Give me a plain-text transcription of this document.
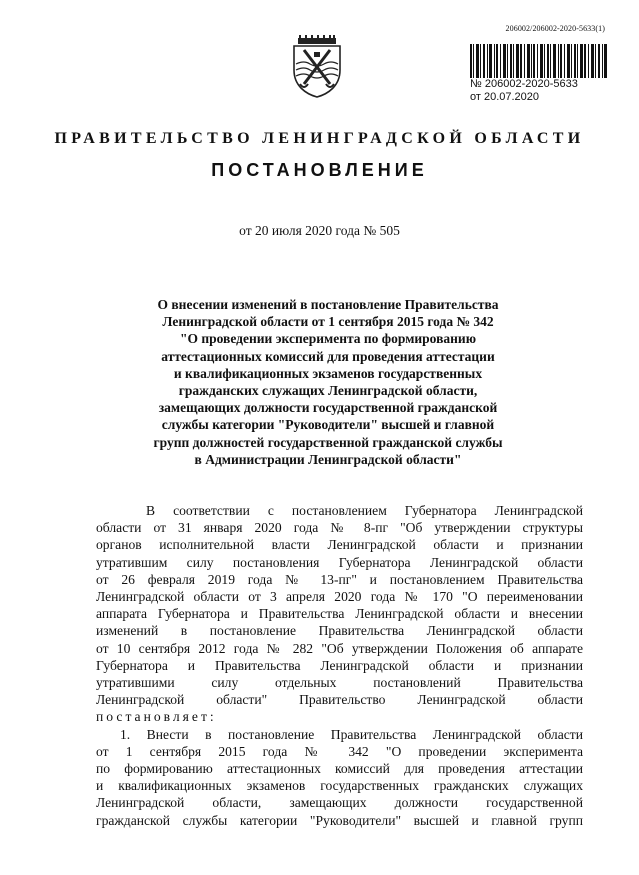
206002/206002-2020-5633(1)

№ 206002-2020-5633

от 20.07.2020

ПРАВИТЕЛЬСТВО ЛЕНИНГРАДСКОЙ ОБЛАСТИ
ПОСТАНОВЛЕНИЕ

от 20 июля 2020 года № 505

О внесении изменений в постановление Правительства
Ленинградской области от 1 сентября 2015 года № 342
"О проведении эксперимента по формированию
аттестационных комиссий для проведения аттестации
и квалификационных экзаменов государственных
гражданских служащих Ленинградской области,
замещающих должности государственной гражданской
службы категории "Руководители" высшей и главной
групп должностей государственной гражданской службы
в Администрации Ленинградской области"
В соответствии с постановлением Губернатора Ленинградской
области от 31 января 2020 года № 8-пг "Об утверждении структуры
органов исполнительной власти Ленинградской области и признании
утратившим силу постановления Губернатора Ленинградской области
от 26 февраля 2019 года № 13-пг" и постановлением Правительства
Ленинградской области от 3 апреля 2020 года № 170 "О переименовании
аппарата Губернатора и Правительства Ленинградской области и внесении
изменений в постановление Правительства Ленинградской области
от 10 сентября 2012 года № 282 "Об утверждении Положения об аппарате
Губернатора и Правительства Ленинградской области и признании
утратившими силу отдельных постановлений Правительства
Ленинградской области" Правительство Ленинградской области
постановляет:
1. Внести в постановление Правительства Ленинградской области
от 1 сентября 2015 года № 342 "О проведении эксперимента
по формированию аттестационных комиссий для проведения аттестации
и квалификационных экзаменов государственных гражданских служащих
Ленинградской области, замещающих должности государственной
гражданской службы категории "Руководители" высшей и главной групп
